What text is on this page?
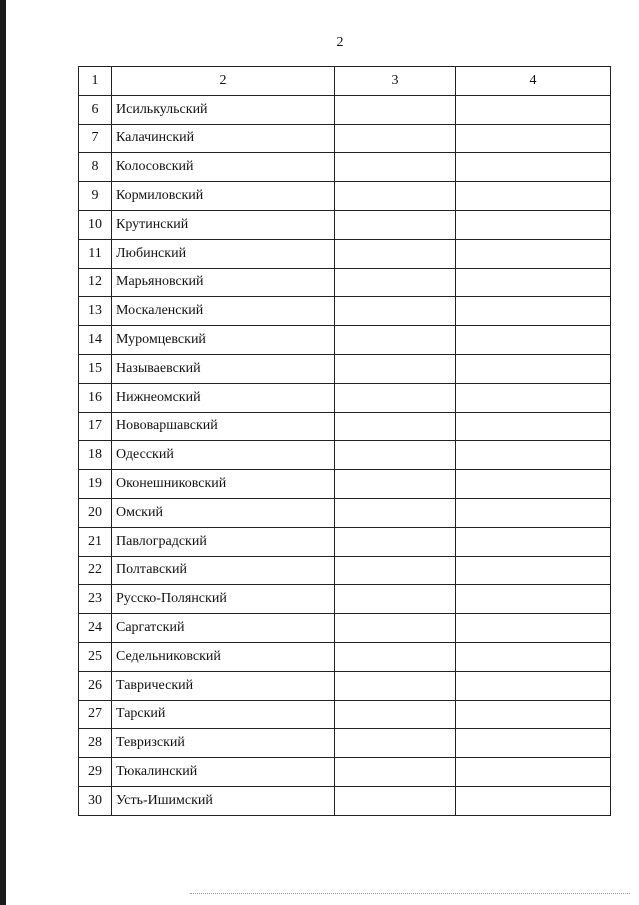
2
1	2	3	4
6	Исилькульский		
7	Калачинский		
8	Колосовский		
9	Кормиловский		
10	Крутинский		
11	Любинский		
12	Марьяновский		
13	Москаленский		
14	Муромцевский		
15	Называевский		
16	Нижнеомский		
17	Нововаршавский		
18	Одесский		
19	Оконешниковский		
20	Омский		
21	Павлоградский		
22	Полтавский		
23	Русско-Полянский		
24	Саргатский		
25	Седельниковский		
26	Таврический		
27	Тарский		
28	Тевризский		
29	Тюкалинский		
30	Усть-Ишимский		
